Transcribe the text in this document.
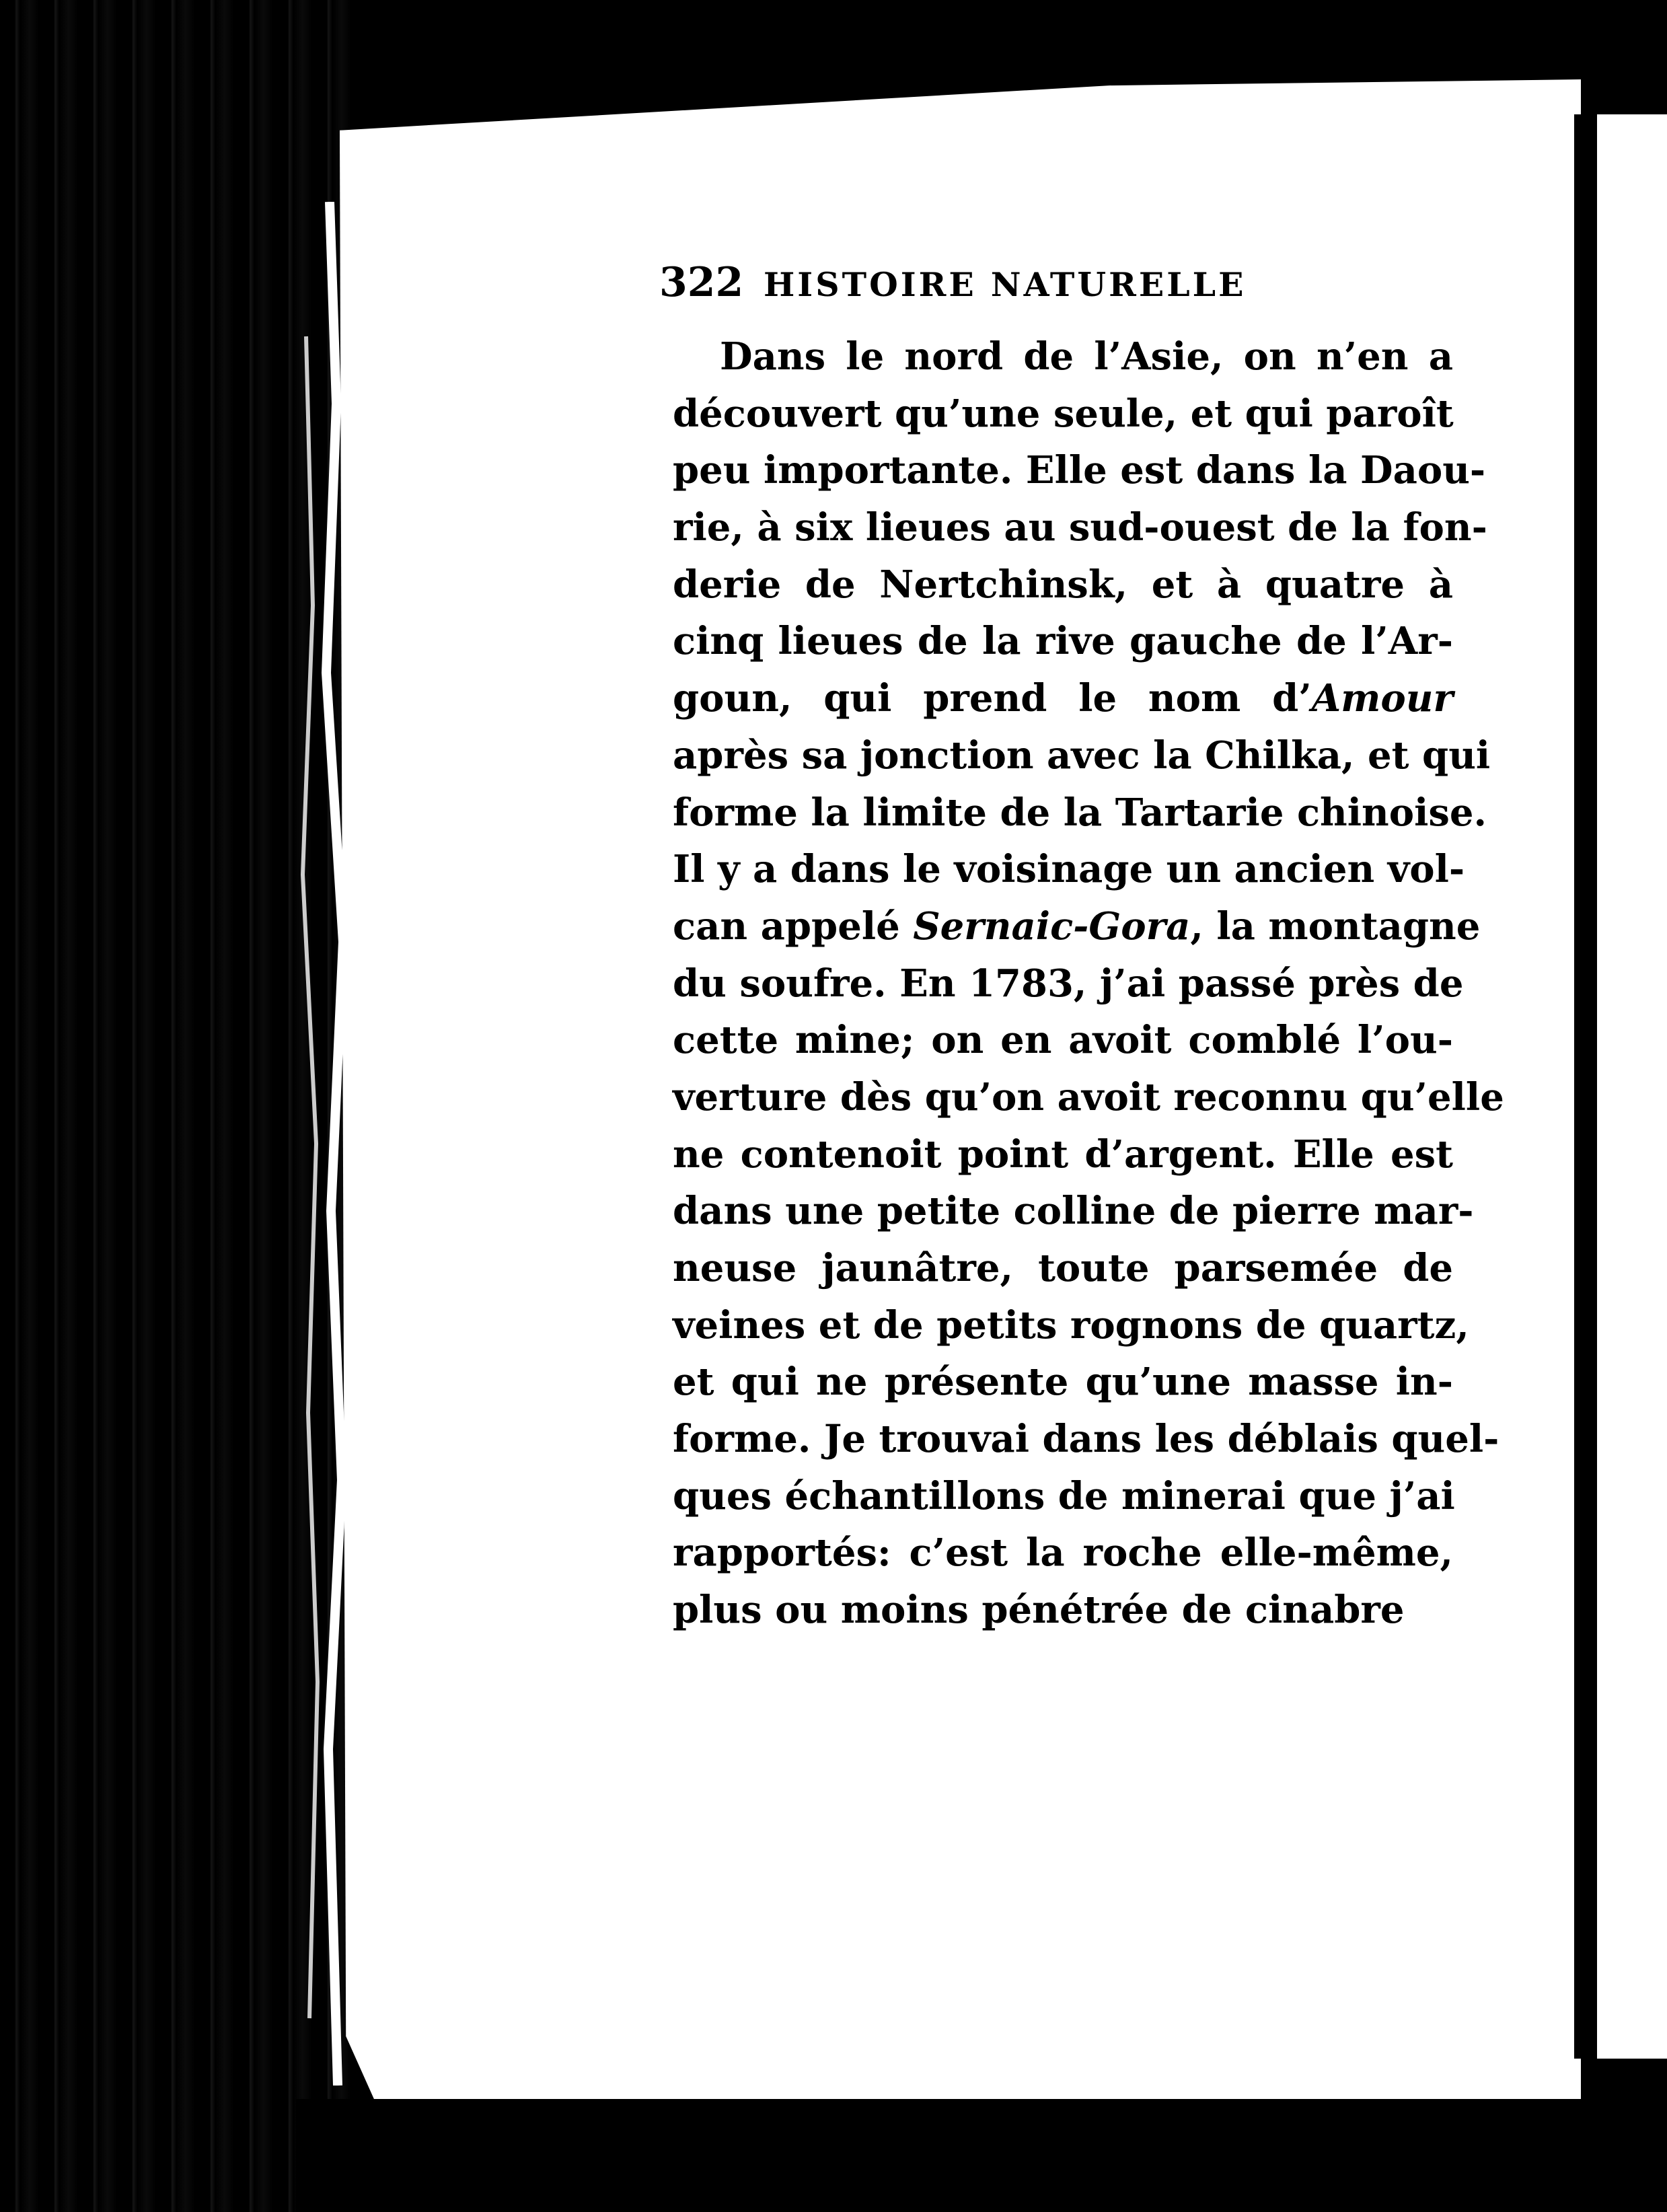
322 HISTOIRE NATURELLE
Dans le nord de l’Asie, on n’en a
découvert qu’une seule, et qui paroît
peu importante. Elle est dans la Daou-
rie, à six lieues au sud-ouest de la fon-
derie de Nertchinsk, et à quatre à
cinq lieues de la rive gauche de l’Ar-
goun, qui prend le nom d’Amour
après sa jonction avec la Chilka, et qui
forme la limite de la Tartarie chinoise.
Il y a dans le voisinage un ancien vol-
can appelé Sernaic-Gora, la montagne
du soufre. En 1783, j’ai passé près de
cette mine; on en avoit comblé l’ou-
verture dès qu’on avoit reconnu qu’elle
ne contenoit point d’argent. Elle est
dans une petite colline de pierre mar-
neuse jaunâtre, toute parsemée de
veines et de petits rognons de quartz,
et qui ne présente qu’une masse in-
forme. Je trouvai dans les déblais quel-
ques échantillons de minerai que j’ai
rapportés: c’est la roche elle-même,
plus ou moins pénétrée de cinabre
